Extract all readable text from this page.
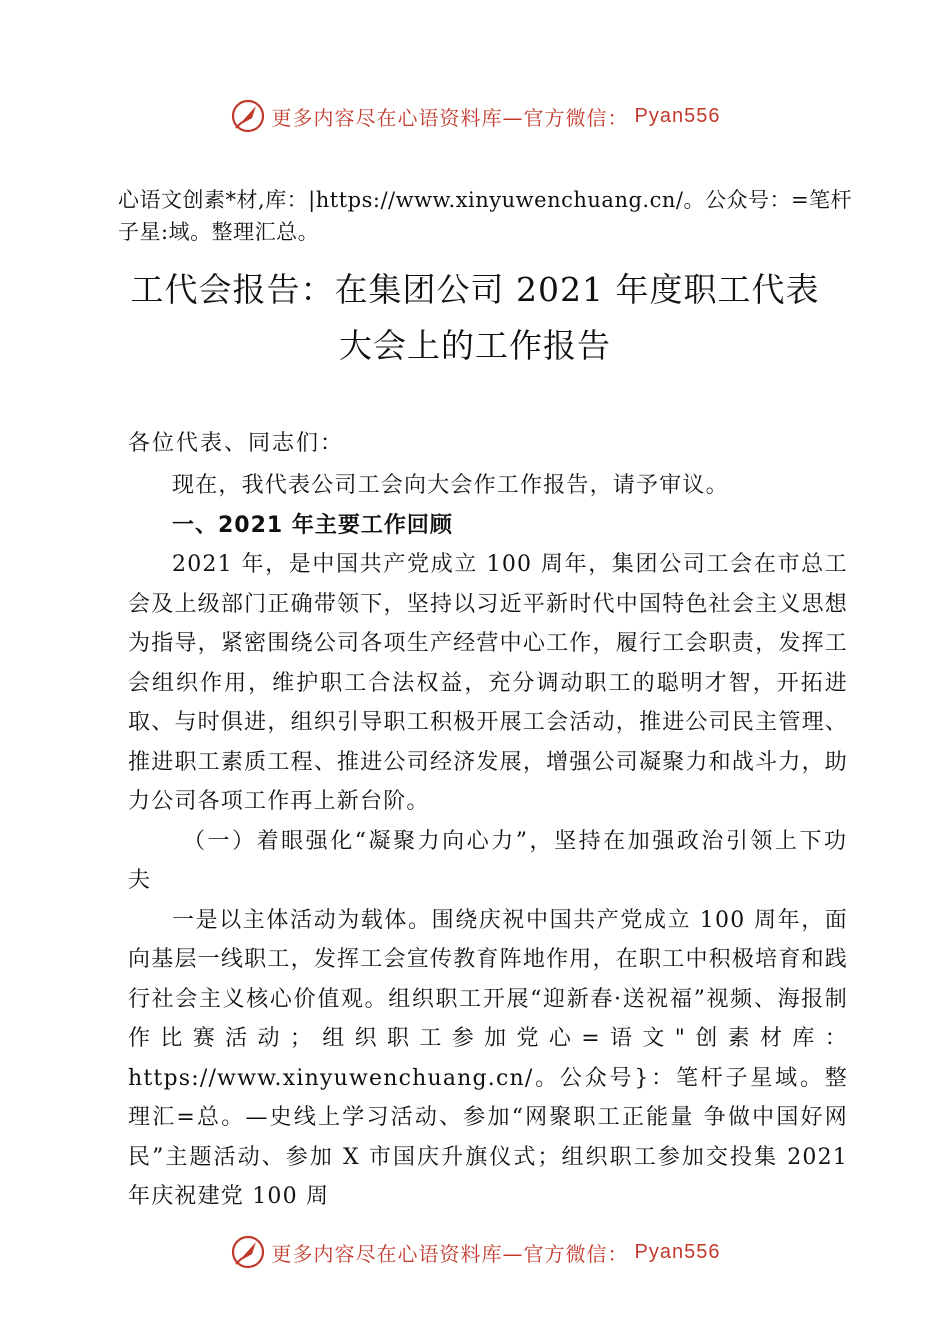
更多内容尽在心语资料库—官方微信： Pyan556
心语文创素*材,库：|https://www.xinyuwenchuang.cn/。公众号：=笔杆子星:域。整理汇总。
工代会报告：在集团公司 2021 年度职工代表
大会上的工作报告
各位代表、同志们：

现在，我代表公司工会向大会作工作报告，请予审议。

一、2021 年主要工作回顾

2021 年，是中国共产党成立 100 周年，集团公司工会在市总工会及上级部门正确带领下，坚持以习近平新时代中国特色社会主义思想为指导，紧密围绕公司各项生产经营中心工作，履行工会职责，发挥工会组织作用，维护职工合法权益，充分调动职工的聪明才智，开拓进取、与时俱进，组织引导职工积极开展工会活动，推进公司民主管理、推进职工素质工程、推进公司经济发展，增强公司凝聚力和战斗力，助力公司各项工作再上新台阶。

（一）着眼强化“凝聚力向心力”，坚持在加强政治引领上下功夫

一是以主体活动为载体。围绕庆祝中国共产党成立 100 周年，面向基层一线职工，发挥工会宣传教育阵地作用，在职工中积极培育和践行社会主义核心价值观。组织职工开展“迎新春·送祝福”视频、海报制作比赛活动；组织职工参加党心=语文"创素材库：https://www.xinyuwenchuang.cn/。公众号}：笔杆子星域。整理汇=总。—史线上学习活动、参加“网聚职工正能量 争做中国好网民”主题活动、参加 X 市国庆升旗仪式；组织职工参加交投集 2021 年庆祝建党 100 周

更多内容尽在心语资料库—官方微信： Pyan556
